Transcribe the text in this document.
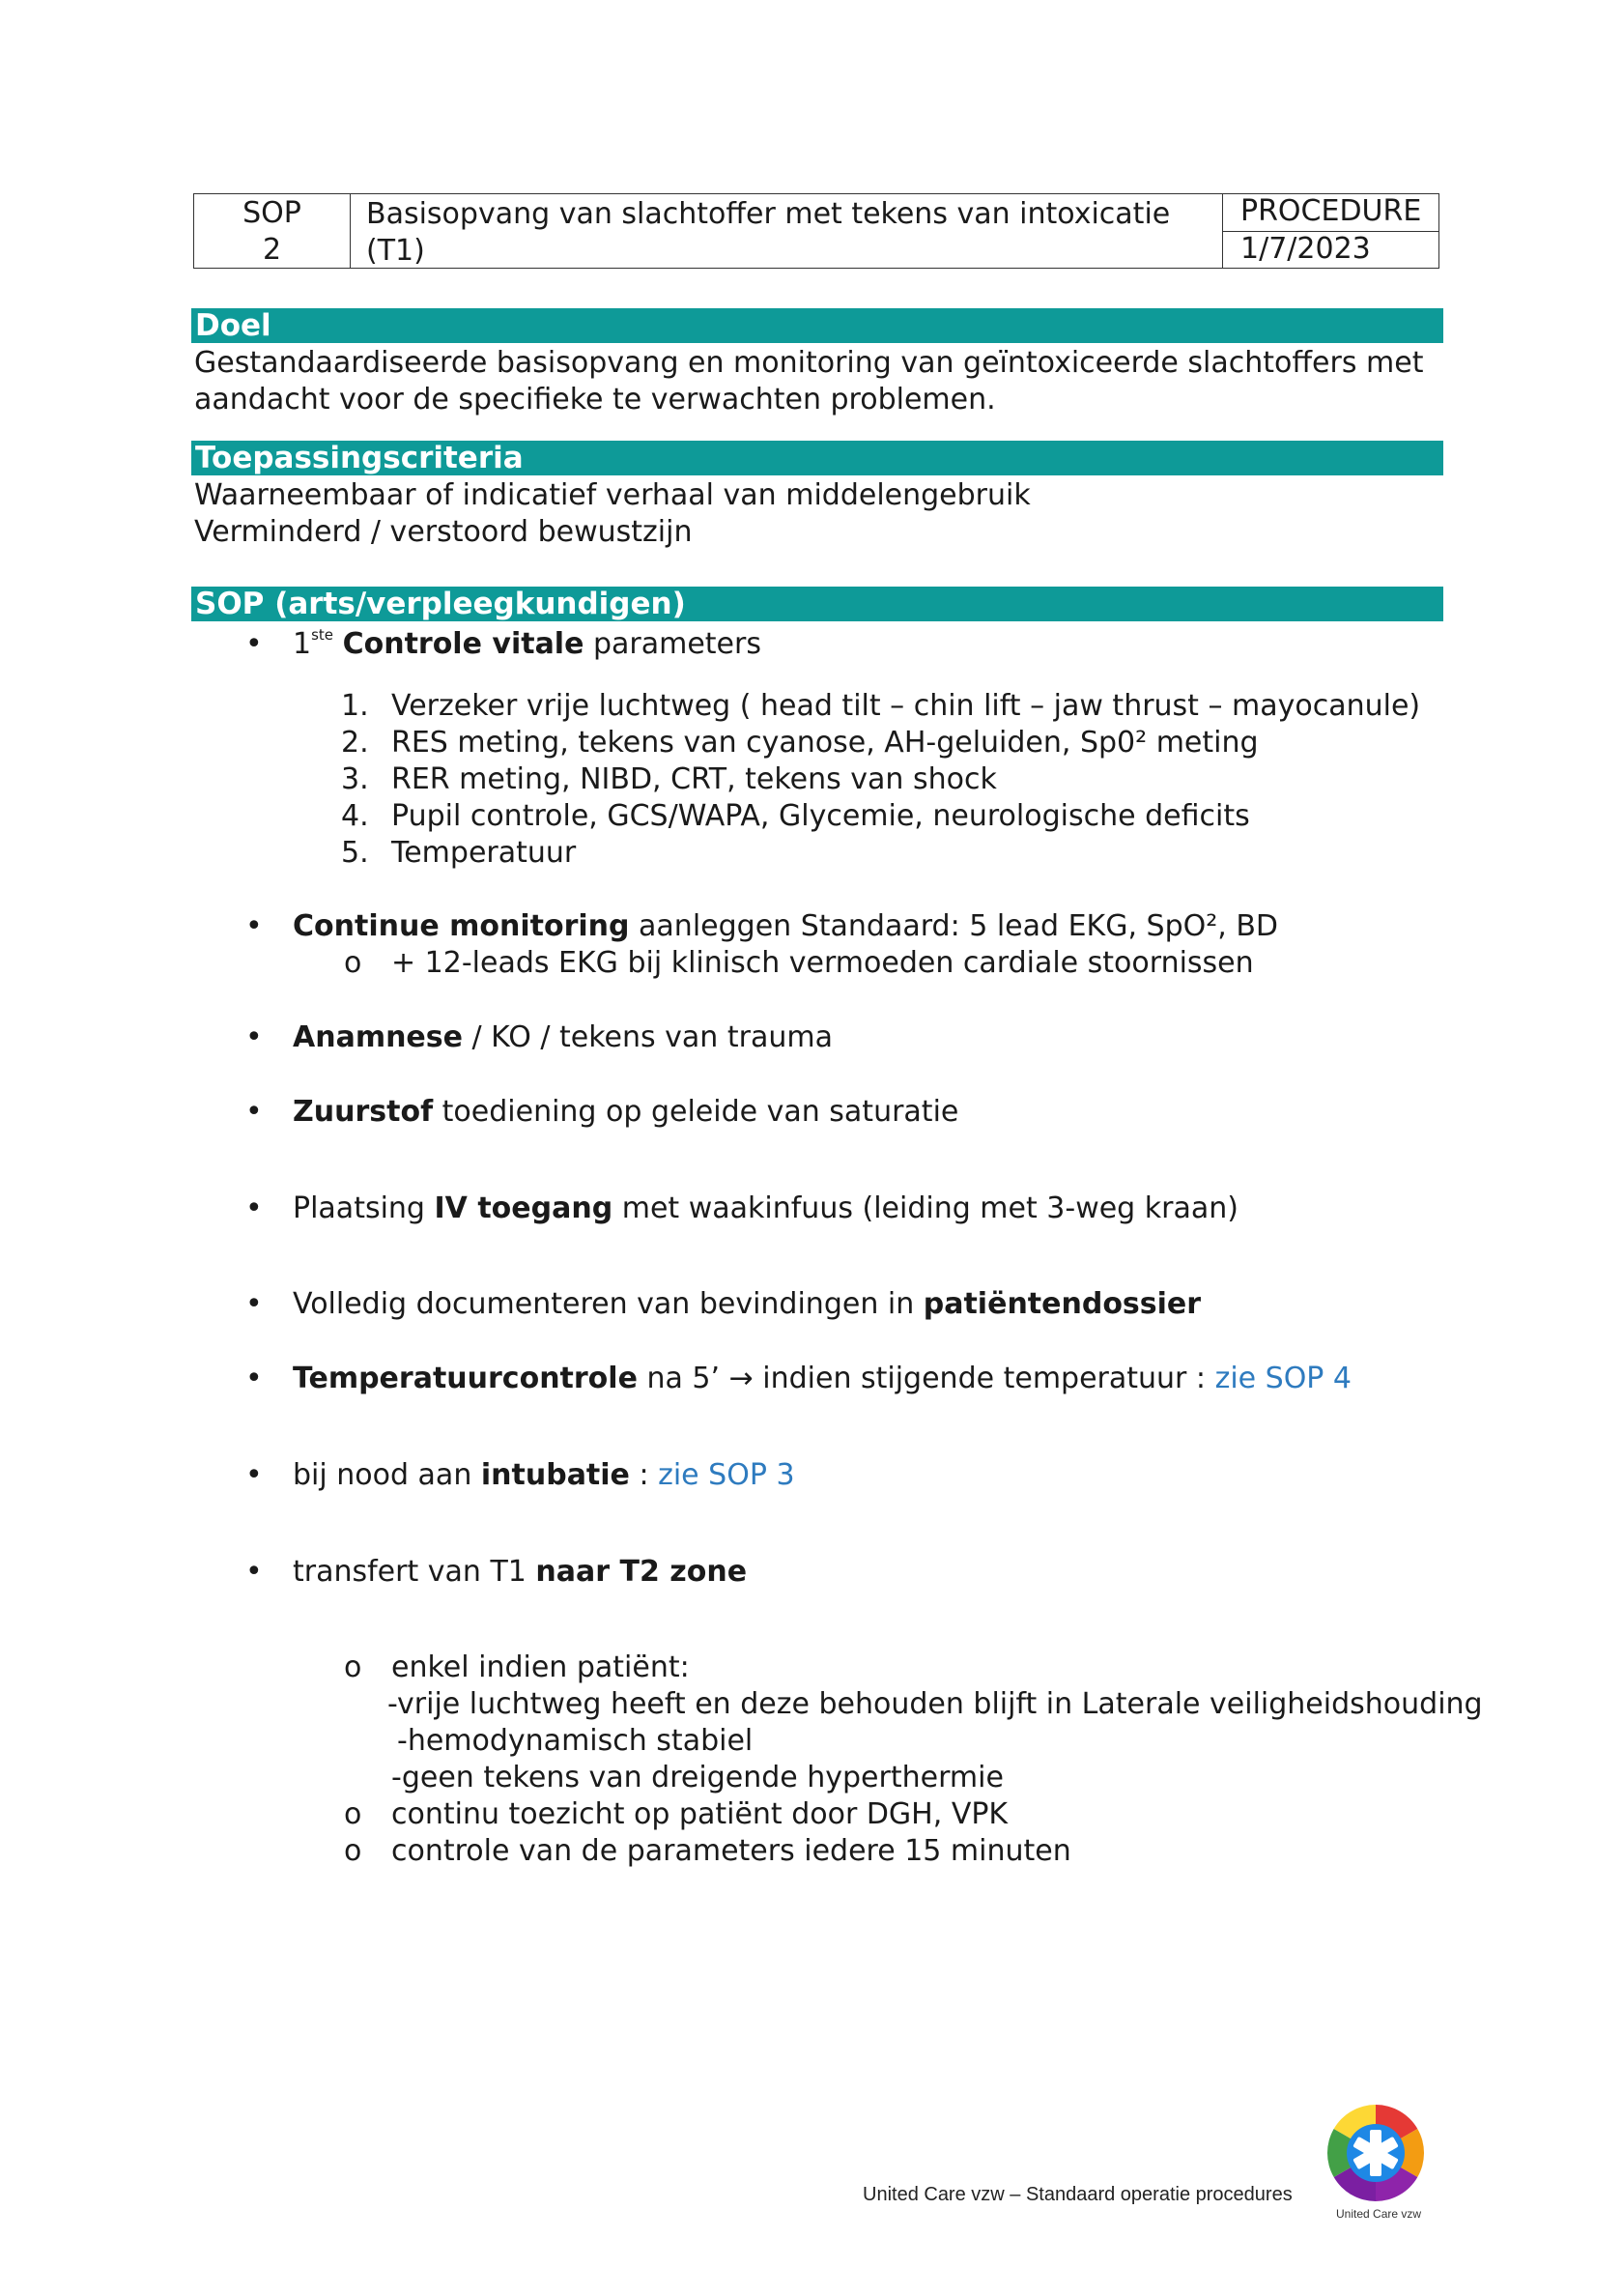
SOP
2
Basisopvang van slachtoffer met tekens van intoxicatie (T1)
PROCEDURE
1/7/2023
Doel
Gestandaardiseerde basisopvang en monitoring van geïntoxiceerde slachtoffers met
aandacht voor de specifieke te verwachten problemen.
Toepassingscriteria
Waarneembaar of indicatief verhaal van middelengebruik
Verminderd / verstoord bewustzijn
SOP (arts/verpleegkundigen)
• 1ste Controle vitale parameters
1. Verzeker vrije luchtweg ( head tilt – chin lift – jaw thrust – mayocanule)
2. RES meting, tekens van cyanose, AH-geluiden, Sp0² meting
3. RER meting, NIBD, CRT, tekens van shock
4. Pupil controle, GCS/WAPA, Glycemie, neurologische deficits
5. Temperatuur
• Continue monitoring aanleggen Standaard: 5 lead EKG, SpO², BD
o + 12-leads EKG bij klinisch vermoeden cardiale stoornissen
• Anamnese / KO / tekens van trauma
• Zuurstof toediening op geleide van saturatie
• Plaatsing IV toegang met waakinfuus (leiding met 3-weg kraan)
• Volledig documenteren van bevindingen in patiëntendossier
• Temperatuurcontrole na 5’ → indien stijgende temperatuur : zie SOP 4
• bij nood aan intubatie : zie SOP 3
• transfert van T1 naar T2 zone
o enkel indien patiënt:
-vrije luchtweg heeft en deze behouden blijft in Laterale veiligheidshouding
-hemodynamisch stabiel
-geen tekens van dreigende hyperthermie
o continu toezicht op patiënt door DGH, VPK
o controle van de parameters iedere 15 minuten
United Care vzw – Standaard operatie procedures
United Care vzw
